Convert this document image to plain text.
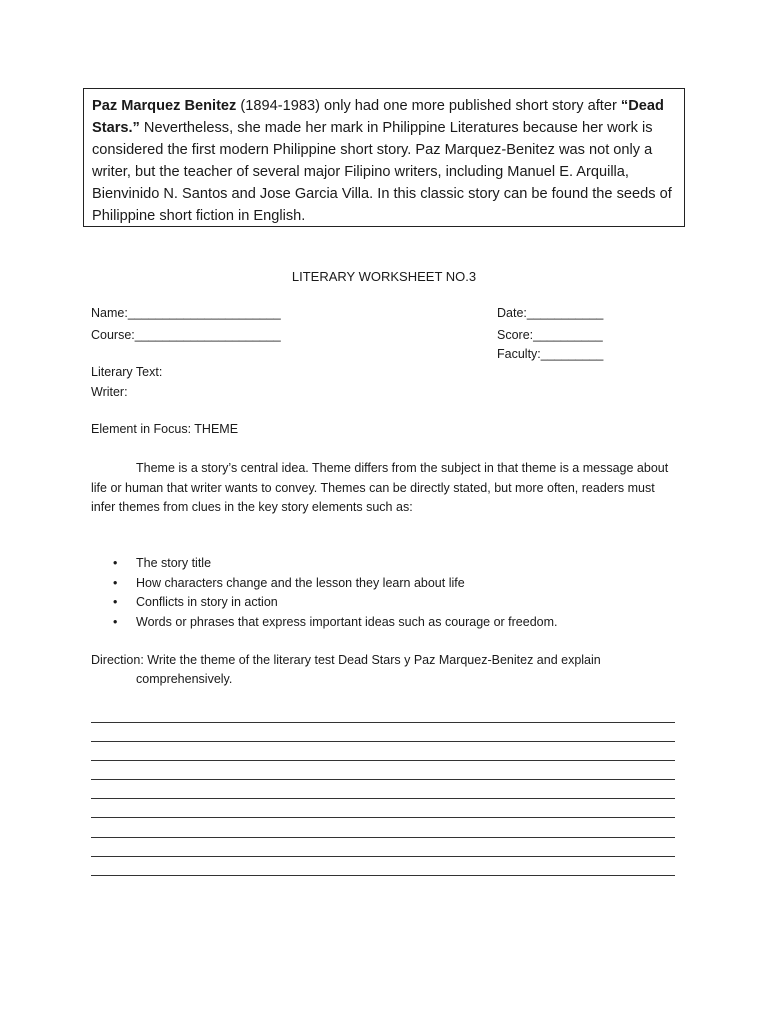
Paz Marquez Benitez (1894-1983) only had one more published short story after “Dead Stars.” Nevertheless, she made her mark in Philippine Literatures because her work is considered the first modern Philippine short story. Paz Marquez-Benitez was not only a writer, but the teacher of several major Filipino writers, including Manuel E. Arquilla, Bienvinido N. Santos and Jose Garcia Villa. In this classic story can be found the seeds of Philippine short fiction in English.
LITERARY WORKSHEET NO.3
Name:______________________
Course:_____________________
Date:___________
Score:__________
Faculty:_________
Literary Text:
Writer:
Element in Focus: THEME
Theme is a story’s central idea. Theme differs from the subject in that theme is a message about life or human that writer wants to convey. Themes can be directly stated, but more often, readers must infer themes from clues in the key story elements such as:
• The story title
• How characters change and the lesson they learn about life
• Conflicts in story in action
• Words or phrases that express important ideas such as courage or freedom.
Direction: Write the theme of the literary test Dead Stars y Paz Marquez-Benitez and explain
comprehensively.
